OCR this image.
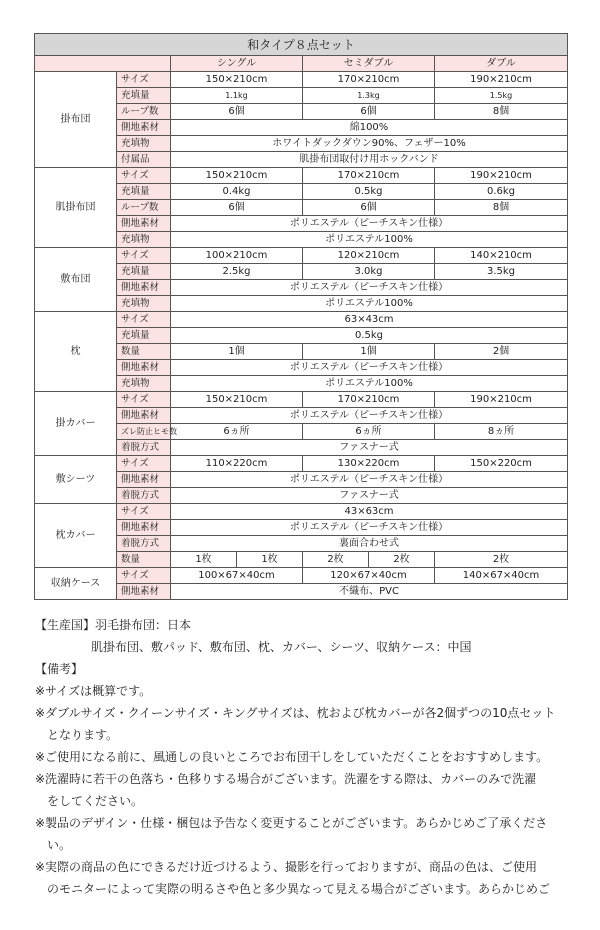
和タイプ８点セット						
		シングル		セミダブル		ダブル
掛布団	サイズ	150×210cm		170×210cm		190×210cm
	充填量	1.1kg		1.3kg		1.5kg
	ループ数	6個		6個		8個
	側地素材	綿100%				
	充填物	ホワイトダックダウン90%、フェザー10%				
	付属品	肌掛布団取付け用ホックバンド				
肌掛布団	サイズ	150×210cm		170×210cm		190×210cm
	充填量	0.4kg		0.5kg		0.6kg
	ループ数	6個		6個		8個
	側地素材	ポリエステル（ピーチスキン仕様）				
	充填物	ポリエステル100%				
敷布団	サイズ	100×210cm		120×210cm		140×210cm
	充填量	2.5kg		3.0kg		3.5kg
	側地素材	ポリエステル（ピーチスキン仕様）				
	充填物	ポリエステル100%				
枕	サイズ	63×43cm				
	充填量	0.5kg				
	数量	1個		1個		2個
	側地素材	ポリエステル（ピーチスキン仕様）				
	充填物	ポリエステル100%				
掛カバー	サイズ	150×210cm		170×210cm		190×210cm
	側地素材	ポリエステル（ピーチスキン仕様）				
	ズレ防止ヒモ数	6ヵ所		6ヵ所		8ヵ所
	着脱方式	ファスナー式				
敷シーツ	サイズ	110×220cm		130×220cm		150×220cm
	側地素材	ポリエステル（ピーチスキン仕様）				
	着脱方式	ファスナー式				
枕カバー	サイズ	43×63cm				
	側地素材	ポリエステル（ピーチスキン仕様）				
	着脱方式	裏面合わせ式				
	数量	1枚	1枚	2枚	2枚	2枚
収納ケース	サイズ	100×67×40cm		120×67×40cm		140×67×40cm
	側地素材	不織布、PVC				
【生産国】羽毛掛布団：日本
肌掛布団、敷パッド、敷布団、枕、カバー、シーツ、収納ケース：中国
【備考】
※サイズは概算です。
※ダブルサイズ・クイーンサイズ・キングサイズは、枕および枕カバーが各2個ずつの10点セット
　となります。
※ご使用になる前に、風通しの良いところでお布団干しをしていただくことをおすすめします。
※洗濯時に若干の色落ち・色移りする場合がございます。洗濯をする際は、カバーのみで洗濯
　をしてください。
※製品のデザイン・仕様・梱包は予告なく変更することがございます。あらかじめご了承くださ
　い。
※実際の商品の色にできるだけ近づけるよう、撮影を行っておりますが、商品の色は、ご使用
　のモニターによって実際の明るさや色と多少異なって見える場合がございます。あらかじめご
